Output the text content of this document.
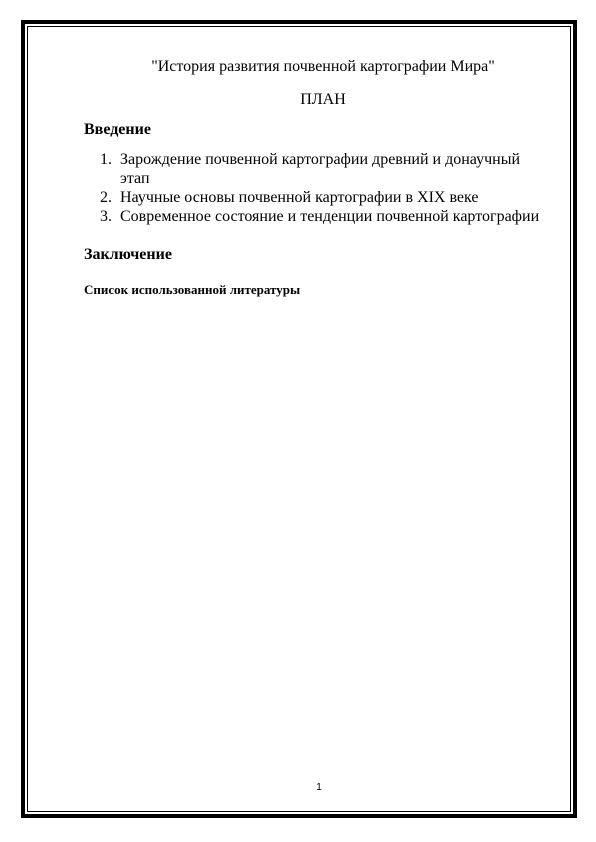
"История развития почвенной картографии Мира"
ПЛАН
Введение
1. Зарождение почвенной картографии древний и донаучный этап
2. Научные основы почвенной картографии в XIX веке
3. Современное состояние и тенденции почвенной картографии
Заключение
Список использованной литературы
1
